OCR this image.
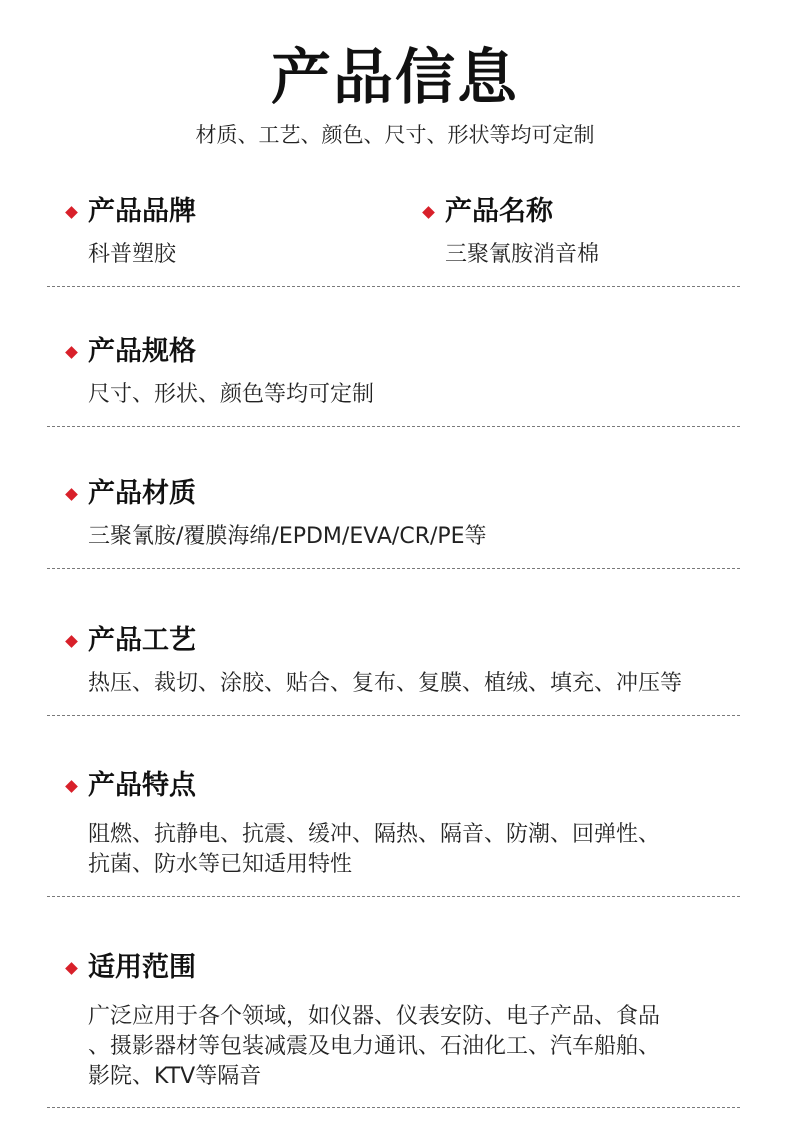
产品信息
材质、工艺、颜色、尺寸、形状等均可定制
产品品牌
科普塑胶
产品名称
三聚氰胺消音棉
产品规格
尺寸、形状、颜色等均可定制
产品材质
三聚氰胺/覆膜海绵/EPDM/EVA/CR/PE等
产品工艺
热压、裁切、涂胶、贴合、复布、复膜、植绒、填充、冲压等
产品特点
阻燃、抗静电、抗震、缓冲、隔热、隔音、防潮、回弹性、
抗菌、防水等已知适用特性
适用范围
广泛应用于各个领域，如仪器、仪表安防、电子产品、食品
、摄影器材等包装减震及电力通讯、石油化工、汽车船舶、
影院、KTV等隔音
